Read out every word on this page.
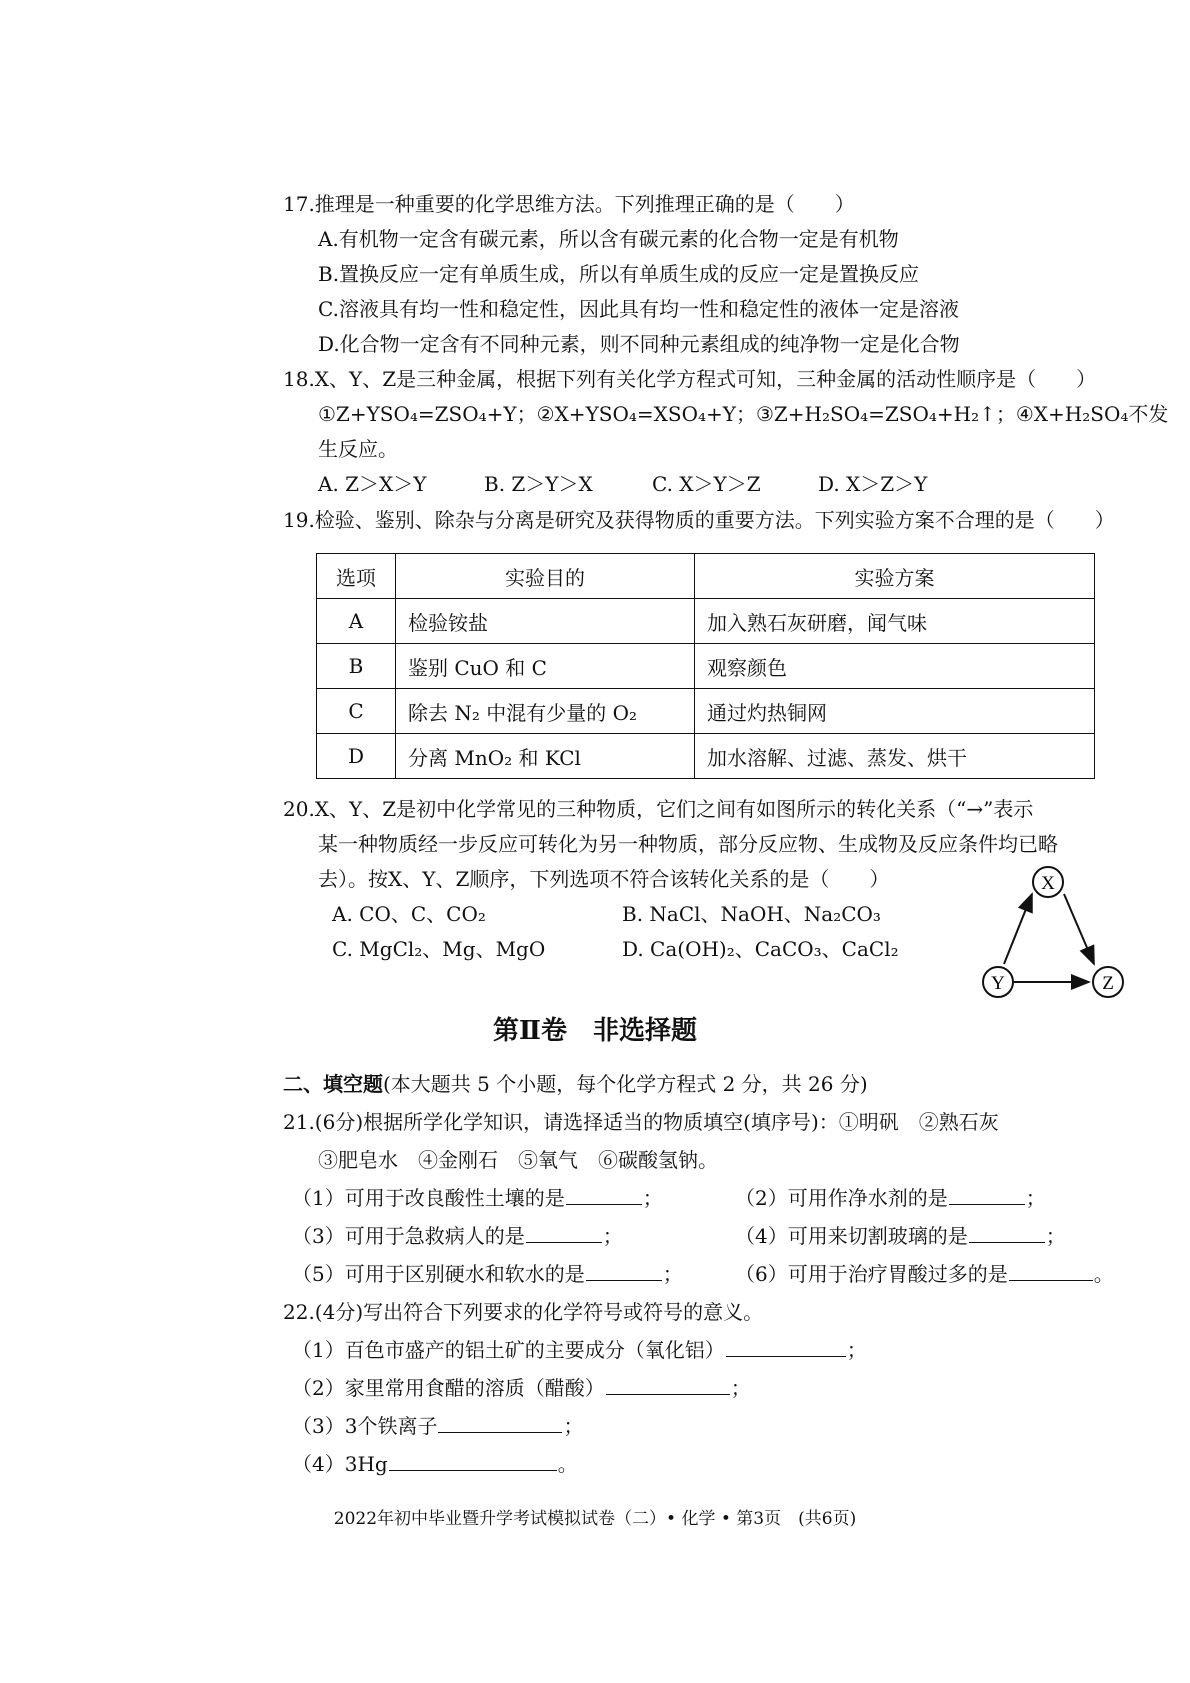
17.推理是一种重要的化学思维方法。下列推理正确的是（　　）
A.有机物一定含有碳元素，所以含有碳元素的化合物一定是有机物
B.置换反应一定有单质生成，所以有单质生成的反应一定是置换反应
C.溶液具有均一性和稳定性，因此具有均一性和稳定性的液体一定是溶液
D.化合物一定含有不同种元素，则不同种元素组成的纯净物一定是化合物
18.X、Y、Z是三种金属，根据下列有关化学方程式可知，三种金属的活动性顺序是（　　）
①Z+YSO₄=ZSO₄+Y；②X+YSO₄=XSO₄+Y；③Z+H₂SO₄=ZSO₄+H₂↑；④X+H₂SO₄不发
生反应。
A. Z＞X＞Y	B. Z＞Y＞X	C. X＞Y＞Z	D. X＞Z＞Y
19.检验、鉴别、除杂与分离是研究及获得物质的重要方法。下列实验方案不合理的是（　　）
选项	实验目的	实验方案
A	检验铵盐	加入熟石灰研磨，闻气味
B	鉴别 CuO 和 C	观察颜色
C	除去 N₂ 中混有少量的 O₂	通过灼热铜网
D	分离 MnO₂ 和 KCl	加水溶解、过滤、蒸发、烘干
20.X、Y、Z是初中化学常见的三种物质，它们之间有如图所示的转化关系（“→”表示
某一种物质经一步反应可转化为另一种物质，部分反应物、生成物及反应条件均已略
去）。按X、Y、Z顺序，下列选项不符合该转化关系的是（　　）
A. CO、C、CO₂	B. NaCl、NaOH、Na₂CO₃
C. MgCl₂、Mg、MgO	D. Ca(OH)₂、CaCO₃、CaCl₂
X
Y	Z
第Ⅱ卷　非选择题
二、填空题(本大题共 5 个小题，每个化学方程式 2 分，共 26 分)
21.(6分)根据所学化学知识，请选择适当的物质填空(填序号)：①明矾　②熟石灰
③肥皂水　④金刚石　⑤氧气　⑥碳酸氢钠。
（1）可用于改良酸性土壤的是	；	（2）可用作净水剂的是	；
（3）可用于急救病人的是	；	（4）可用来切割玻璃的是	；
（5）可用于区别硬水和软水的是	；	（6）可用于治疗胃酸过多的是	。
22.(4分)写出符合下列要求的化学符号或符号的意义。
（1）百色市盛产的铝土矿的主要成分（氧化铝）	；
（2）家里常用食醋的溶质（醋酸）	；
（3）3个铁离子	；
（4）3Hg	。
2022年初中毕业暨升学考试模拟试卷（二）• 化学 • 第3页　(共6页)
